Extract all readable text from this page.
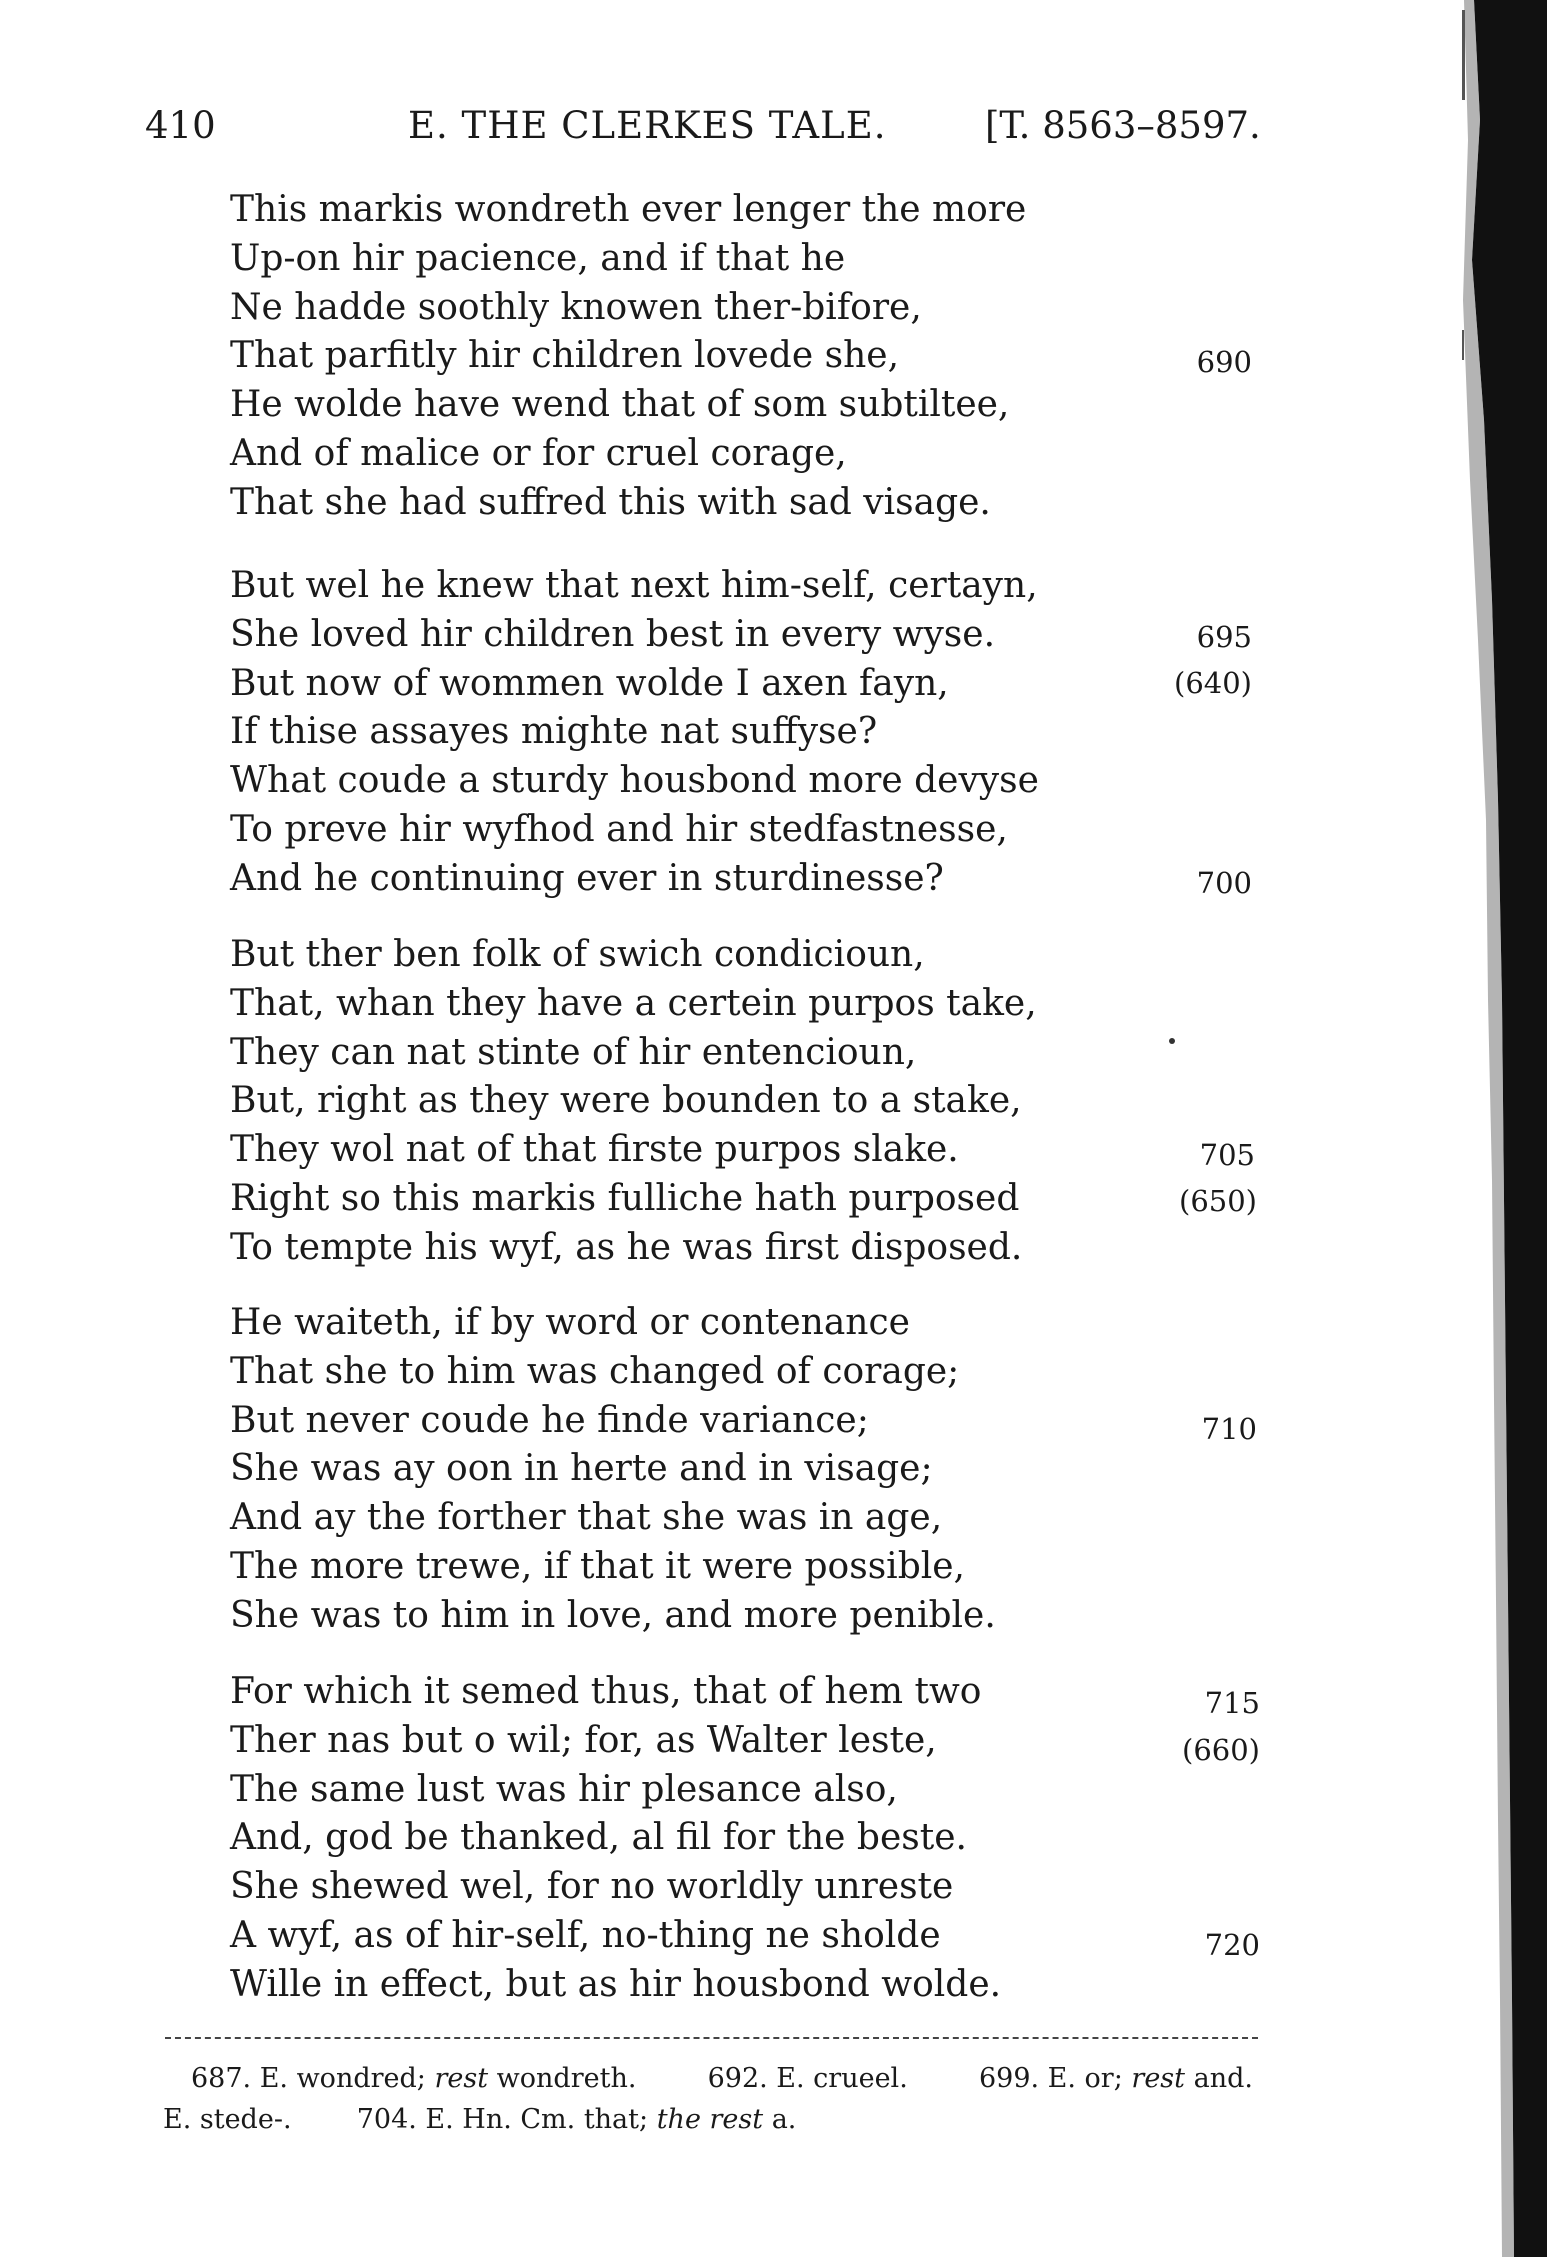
410	E. THE CLERKES TALE.	[T. 8563–8597.
This markis wondreth ever lenger the more
Up-on hir pacience, and if that he
Ne hadde soothly knowen ther-bifore,
That parfitly hir children lovede she,
He wolde have wend that of som subtiltee,
And of malice or for cruel corage,
That she had suffred this with sad visage.
But wel he knew that next him-self, certayn,
She loved hir children best in every wyse.
But now of wommen wolde I axen fayn,
If thise assayes mighte nat suffyse?
What coude a sturdy housbond more devyse
To preve hir wyfhod and hir stedfastnesse,
And he continuing ever in sturdinesse?
But ther ben folk of swich condicioun,
That, whan they have a certein purpos take,
They can nat stinte of hir entencioun,
But, right as they were bounden to a stake,
They wol nat of that firste purpos slake.
Right so this markis fulliche hath purposed
To tempte his wyf, as he was first disposed.
He waiteth, if by word or contenance
That she to him was changed of corage;
But never coude he finde variance;
She was ay oon in herte and in visage;
And ay the forther that she was in age,
The more trewe, if that it were possible,
She was to him in love, and more penible.
For which it semed thus, that of hem two
Ther nas but o wil; for, as Walter leste,
The same lust was hir plesance also,
And, god be thanked, al fil for the beste.
She shewed wel, for no worldly unreste
A wyf, as of hir-self, no-thing ne sholde
Wille in effect, but as hir housbond wolde.
690
695
(640)
700
705
(650)
710
715
(660)
720
687. E. wondred; rest wondreth.	692. E. crueel.	699. E. or; rest and.
E. stede-. 704. E. Hn. Cm. that; the rest a.
